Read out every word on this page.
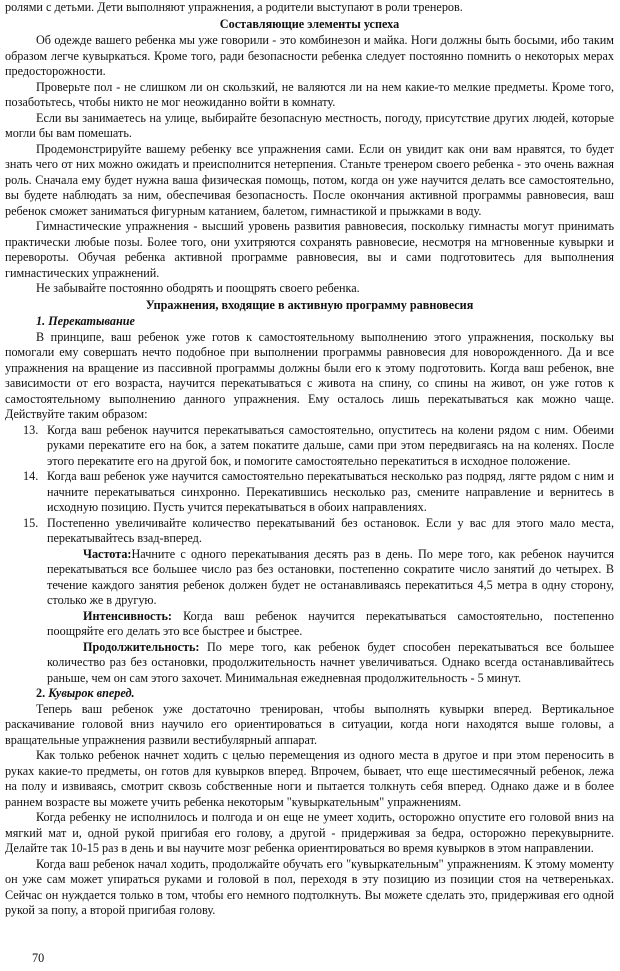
ролями с детьми. Дети выполняют упражнения, а родители выступают в роли тренеров.

Составляющие элементы успеха

Об одежде вашего ребенка мы уже говорили - это комбинезон и майка. Ноги должны быть босыми, ибо таким образом легче кувыркаться. Кроме того, ради безопасности ребенка следует постоянно помнить о некоторых мерах предосторожности.

Проверьте пол - не слишком ли он скользкий, не валяются ли на нем какие-то мелкие предметы. Кроме того, позаботьтесь, чтобы никто не мог неожиданно войти в комнату.

Если вы занимаетесь на улице, выбирайте безопасную местность, погоду, присутствие других людей, которые могли бы вам помешать.

Продемонстрируйте вашему ребенку все упражнения сами. Если он увидит как они вам нравятся, то будет знать чего от них можно ожидать и преисполнится нетерпения. Станьте тренером своего ребенка - это очень важная роль. Сначала ему будет нужна ваша физическая помощь, потом, когда он уже научится делать все самостоятельно, вы будете наблюдать за ним, обеспечивая безопасность. После окончания активной программы равновесия, ваш ребенок сможет заниматься фигурным катанием, балетом, гимнастикой и прыжками в воду.

Гимнастические упражнения - высший уровень развития равновесия, поскольку гимнасты могут принимать практически любые позы. Более того, они ухитряются сохранять равновесие, несмотря на мгновенные кувырки и перевороты. Обучая ребенка активной программе равновесия, вы и сами подготовитесь для выполнения гимнастических упражнений.

Не забывайте постоянно ободрять и поощрять своего ребенка.

Упражнения, входящие в активную программу равновесия

1. Перекатывание

В принципе, ваш ребенок уже готов к самостоятельному выполнению этого упражнения, поскольку вы помогали ему совершать нечто подобное при выполнении программы равновесия для новорожденного. Да и все упражнения на вращение из пассивной программы должны были его к этому подготовить. Когда ваш ребенок, вне зависимости от его возраста, научится перекатываться с живота на спину, со спины на живот, он уже готов к самостоятельному выполнению данного упражнения. Ему осталось лишь перекатываться как можно чаще. Действуйте таким образом:

13. Когда ваш ребенок научится перекатываться самостоятельно, опуститесь на колени рядом с ним. Обеими руками перекатите его на бок, а затем покатите дальше, сами при этом передвигаясь на на коленях. После этого перекатите его на другой бок, и помогите самостоятельно перекатиться в исходное положение.
14. Когда ваш ребенок уже научится самостоятельно перекатываться несколько раз подряд, лягте рядом с ним и начните перекатываться синхронно. Перекатившись несколько раз, смените направление и вернитесь в исходную позицию. Пусть учится перекатываться в обоих направлениях.
15. Постепенно увеличивайте количество перекатываний без остановок. Если у вас для этого мало места, перекатывайтесь взад-вперед.

Частота:Начните с одного перекатывания десять раз в день. По мере того, как ребенок научится перекатываться все большее число раз без остановки, постепенно сократите число занятий до четырех. В течение каждого занятия ребенок должен будет не останавливаясь перекатиться 4,5 метра в одну сторону, столько же в другую.

Интенсивность: Когда ваш ребенок научится перекатываться самостоятельно, постепенно поощряйте его делать это все быстрее и быстрее.

Продолжительность: По мере того, как ребенок будет способен перекатываться все большее количество раз без остановки, продолжительность начнет увеличиваться. Однако всегда останавливайтесь раньше, чем он сам этого захочет. Минимальная ежедневная продолжительность - 5 минут.

2. Кувырок вперед.

Теперь ваш ребенок уже достаточно тренирован, чтобы выполнять кувырки вперед. Вертикальное раскачивание головой вниз научило его ориентироваться в ситуации, когда ноги находятся выше головы, а вращательные упражнения развили вестибулярный аппарат.

Как только ребенок начнет ходить с целью перемещения из одного места в другое и при этом переносить в руках какие-то предметы, он готов для кувырков вперед. Впрочем, бывает, что еще шестимесячный ребенок, лежа на полу и извиваясь, смотрит сквозь собственные ноги и пытается толкнуть себя вперед. Однако даже и в более раннем возрасте вы можете учить ребенка некоторым "кувыркательным" упражнениям.

Когда ребенку не исполнилось и полгода и он еще не умеет ходить, осторожно опустите его головой вниз на мягкий мат и, одной рукой пригибая его голову, а другой - придерживая за бедра, осторожно перекувырните. Делайте так 10-15 раз в день и вы научите мозг ребенка ориентироваться во время кувырков в этом направлении.

Когда ваш ребенок начал ходить, продолжайте обучать его "кувыркательным" упражнениям. К этому моменту он уже сам может упираться руками и головой в пол, переходя в эту позицию из позиции стоя на четвереньках. Сейчас он нуждается только в том, чтобы его немного подтолкнуть. Вы можете сделать это, придерживая его одной рукой за попу, а второй пригибая голову.

70
